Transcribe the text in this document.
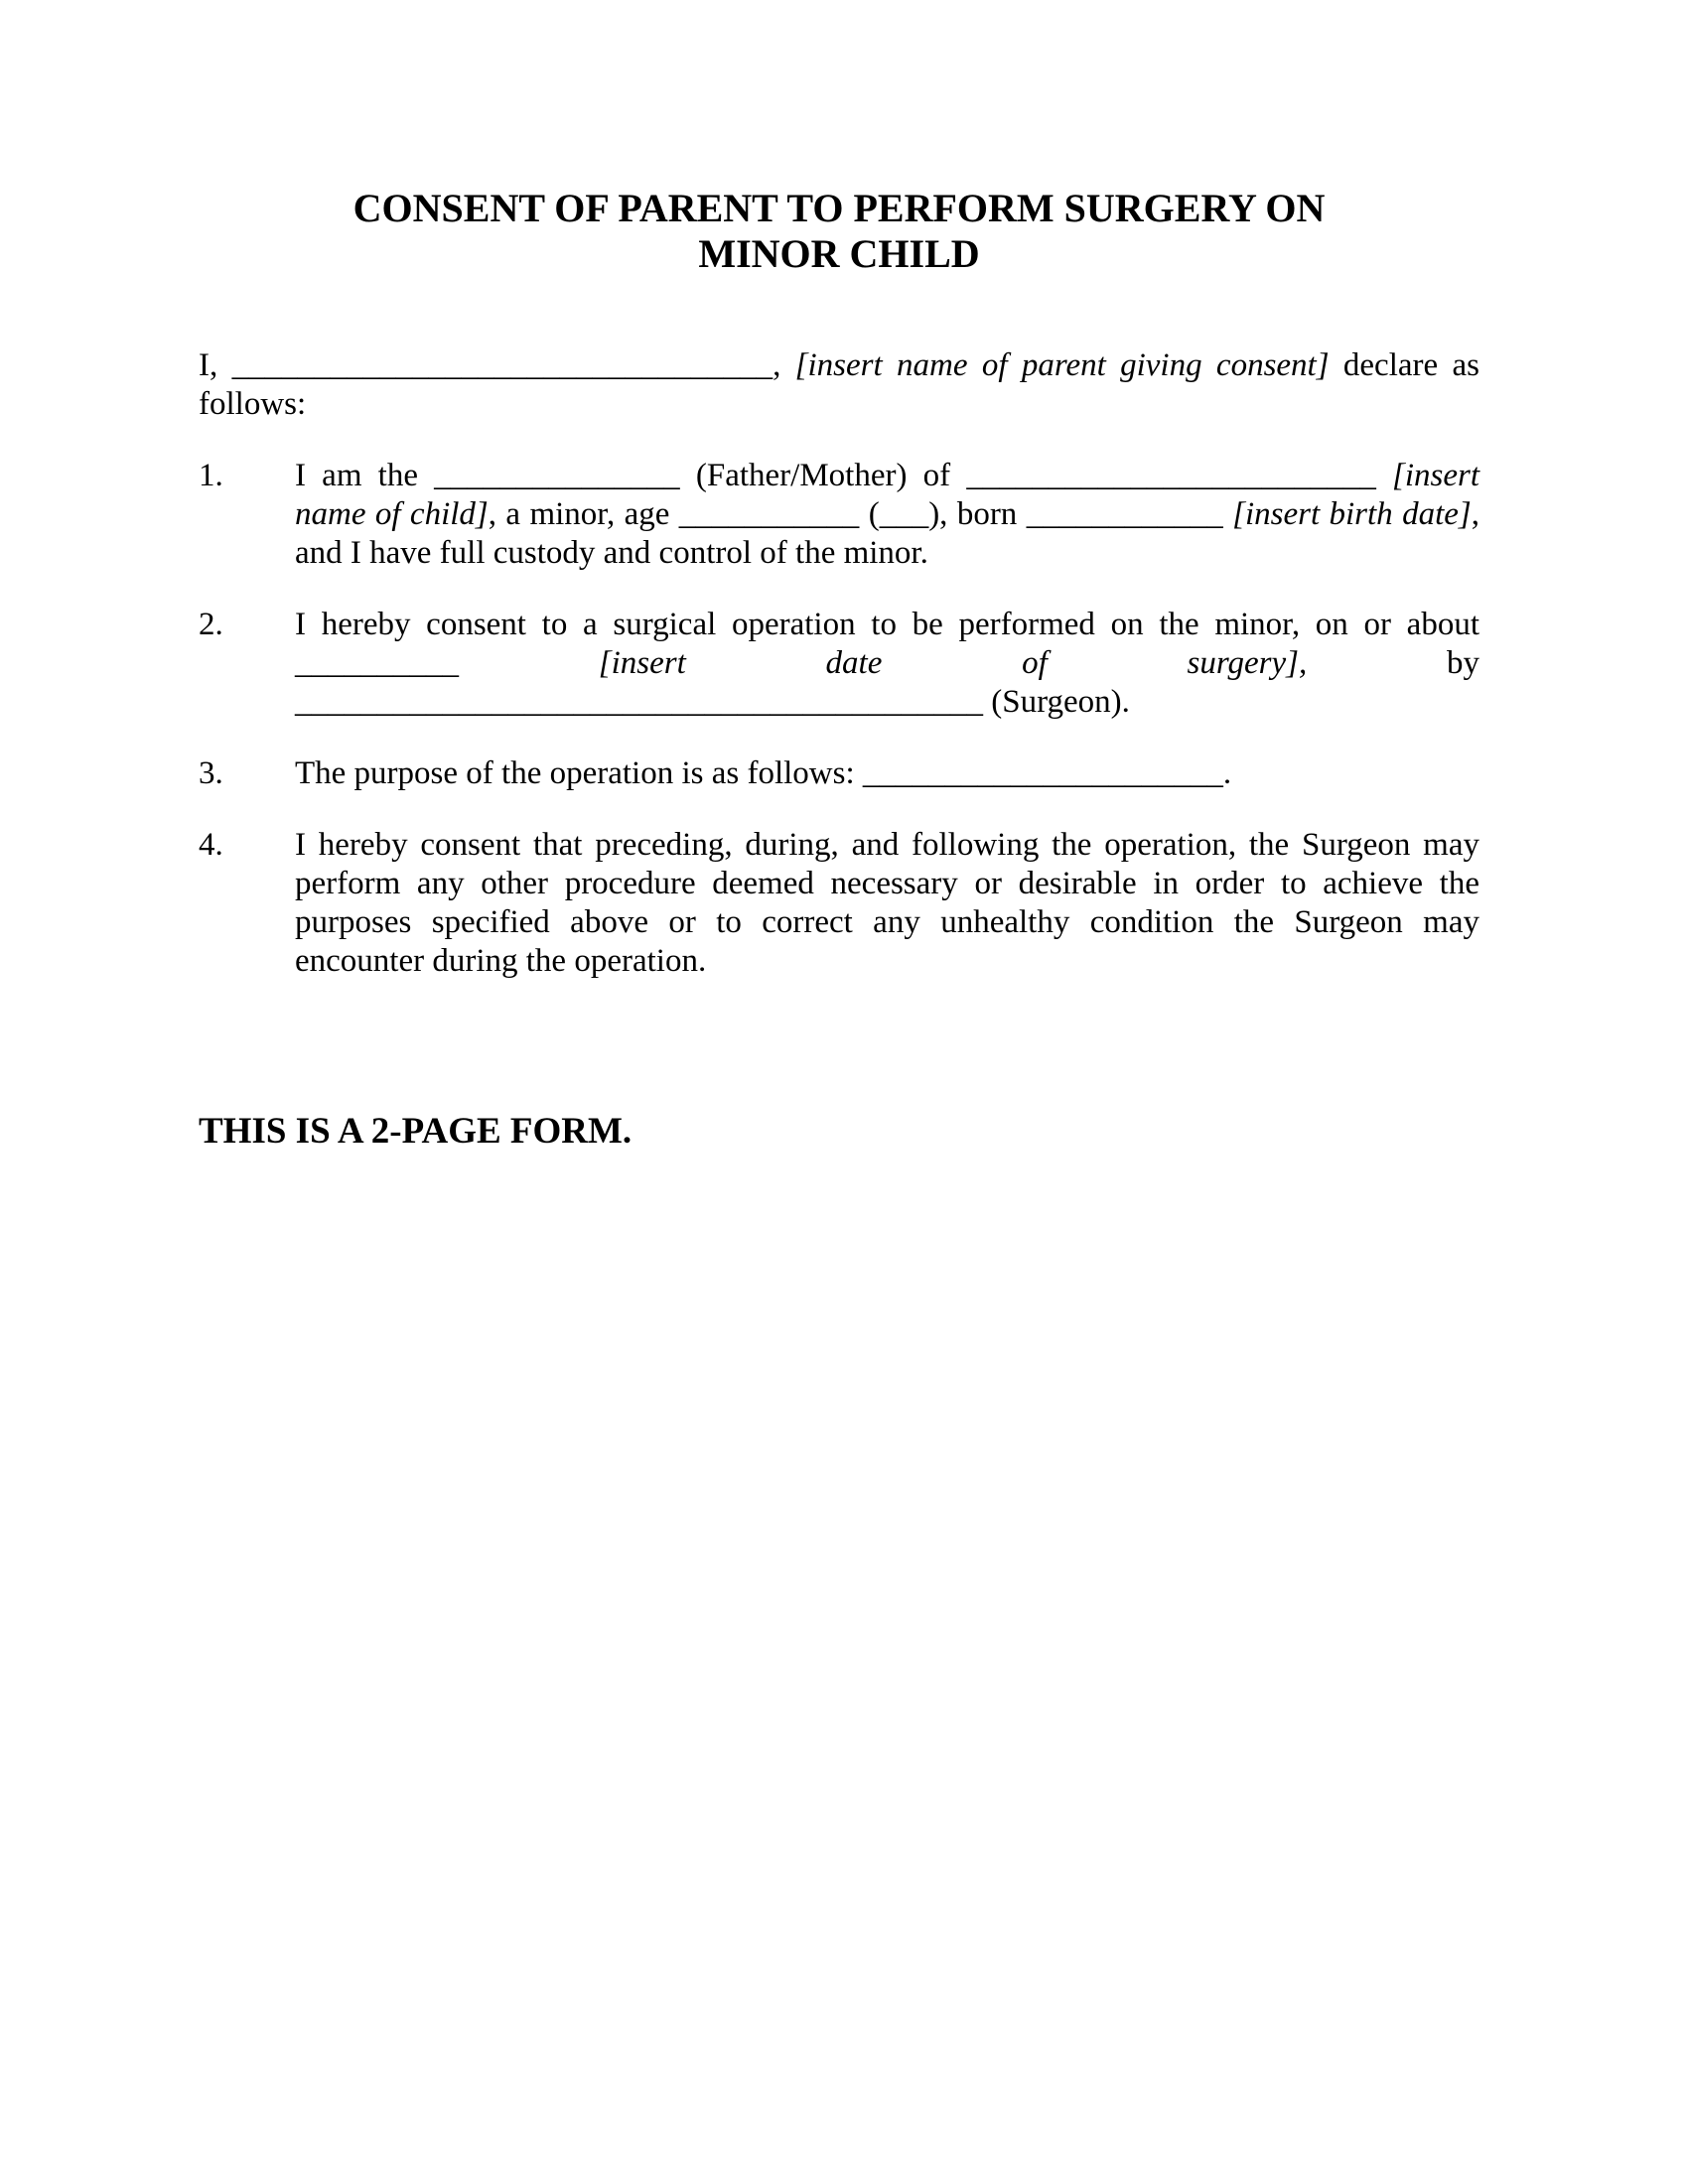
CONSENT OF PARENT TO PERFORM SURGERY ON
MINOR CHILD

I, _________________________________, [insert name of parent giving consent] declare as follows:

1. I am the _______________ (Father/Mother) of _________________________ [insert name of child], a minor, age ___________ (___), born ____________ [insert birth date], and I have full custody and control of the minor.

2. I hereby consent to a surgical operation to be performed on the minor, on or about __________ [insert date of surgery], by __________________________________________ (Surgeon).

3. The purpose of the operation is as follows: ______________________.

4. I hereby consent that preceding, during, and following the operation, the Surgeon may perform any other procedure deemed necessary or desirable in order to achieve the purposes specified above or to correct any unhealthy condition the Surgeon may encounter during the operation.

THIS IS A 2-PAGE FORM.
